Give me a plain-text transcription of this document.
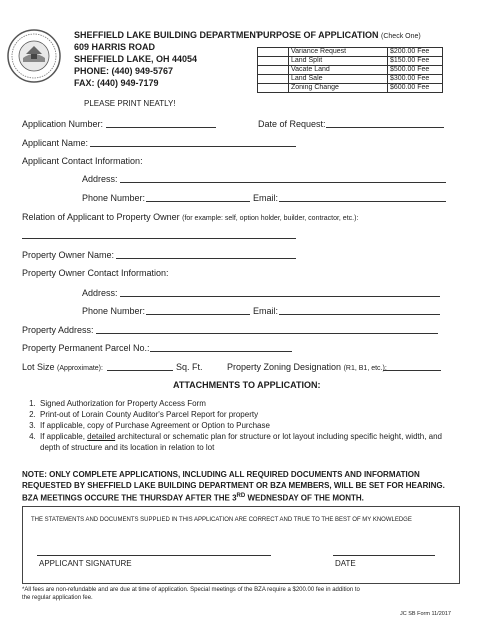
SHEFFIELD LAKE BUILDING DEPARTMENT
609 HARRIS ROAD
SHEFFIELD LAKE, OH 44054
PHONE: (440) 949-5767
FAX: (440) 949-7179
PLEASE PRINT NEATLY!
PURPOSE OF APPLICATION (Check One)
	Variance Request	$200.00 Fee
	Land Split	$150.00 Fee
	Vacate Land	$500.00 Fee
	Land Sale	$300.00 Fee
	Zoning Change	$600.00 Fee
Application Number:	Date of Request:
Applicant Name:
Applicant Contact Information:
Address:
Phone Number:	Email:
Relation of Applicant to Property Owner (for example: self, option holder, builder, contractor, etc.):
Property Owner Name:
Property Owner Contact Information:
Address:
Phone Number:	Email:
Property Address:
Property Permanent Parcel No.:
Lot Size (Approximate):	Sq. Ft.	Property Zoning Designation (R1, B1, etc.):
ATTACHMENTS TO APPLICATION:
1. Signed Authorization for Property Access Form
2. Print-out of Lorain County Auditor's Parcel Report for property
3. If applicable, copy of Purchase Agreement or Option to Purchase
4. If applicable, detailed architectural or schematic plan for structure or lot layout including specific height, width, and depth of structure and its location in relation to lot
NOTE: ONLY COMPLETE APPLICATIONS, INCLUDING ALL REQUIRED DOCUMENTS AND INFORMATION
REQUESTED BY SHEFFIELD LAKE BUILDING DEPARTMENT OR BZA MEMBERS, WILL BE SET FOR HEARING.
BZA MEETINGS OCCURE THE THURSDAY AFTER THE 3RD WEDNESDAY OF THE MONTH.
THE STATEMENTS AND DOCUMENTS SUPPLIED IN THIS APPLICATION ARE CORRECT AND TRUE TO THE BEST OF MY KNOWLEDGE
APPLICANT SIGNATURE	DATE
*All fees are non-refundable and are due at time of application. Special meetings of the BZA require a $200.00 fee in addition to
the regular application fee.
JC SB Form 11/2017
